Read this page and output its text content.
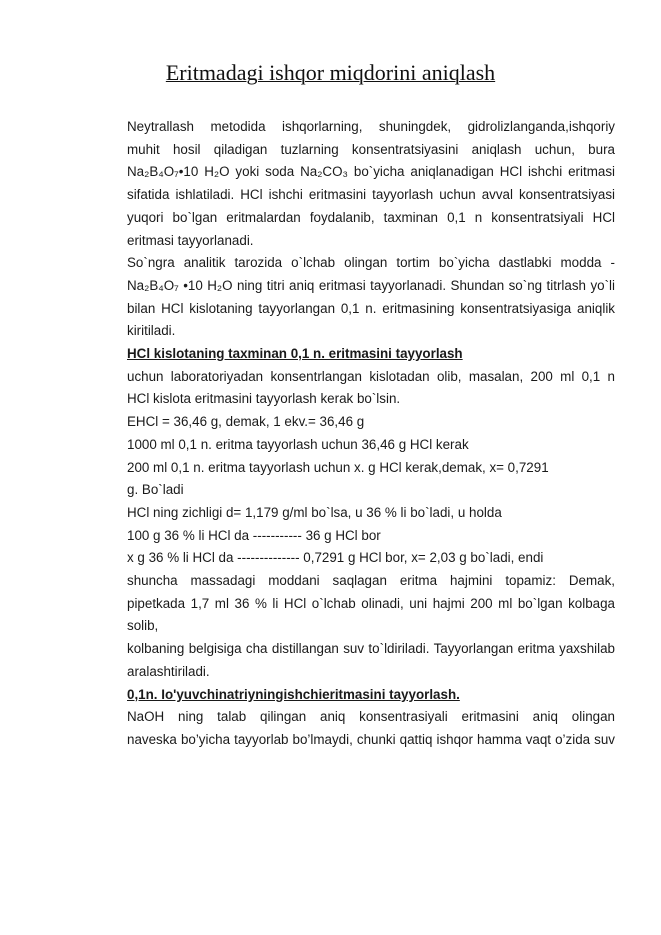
Eritmadagi ishqor miqdorini aniqlash
Neytrallash metodida ishqorlarning, shuningdek, gidrolizlanganda,ishqoriy
muhit hosil qiladigan tuzlarning konsentratsiyasini aniqlash uchun, bura
Na₂B₄O₇•10 H₂O yoki soda Na₂CO₃ bo`yicha aniqlanadigan HCl ishchi eritmasi
sifatida ishlatiladi. HCl ishchi eritmasini tayyorlash uchun avval konsentratsiyasi
yuqori bo`lgan eritmalardan foydalanib, taxminan 0,1 n konsentratsiyali HCl
eritmasi tayyorlanadi.
So`ngra analitik tarozida o`lchab olingan tortim bo`yicha dastlabki modda -
Na₂B₄O₇ •10 H₂O ning titri aniq eritmasi tayyorlanadi. Shundan so`ng titrlash yo`li
bilan HCl kislotaning tayyorlangan 0,1 n. eritmasining konsentratsiyasiga aniqlik
kiritiladi.
HCl kislotaning taxminan 0,1 n. eritmasini tayyorlash
uchun laboratoriyadan konsentrlangan kislotadan olib, masalan, 200 ml 0,1 n
HCl kislota eritmasini tayyorlash kerak bo`lsin.
EHCl = 36,46 g, demak, 1 ekv.= 36,46 g
1000 ml 0,1 n. eritma tayyorlash uchun 36,46 g HCl kerak
200 ml 0,1 n. eritma tayyorlash uchun x. g HCl kerak,demak, x= 0,7291
g. Bo`ladi
HCl ning zichligi d= 1,179 g/ml bo`lsa, u 36 % li bo`ladi, u holda
100 g 36 % li HCl da ----------- 36 g HCl bor
x g 36 % li HCl da -------------- 0,7291 g HCl bor, x= 2,03 g bo`ladi, endi
shuncha massadagi moddani saqlagan eritma hajmini topamiz: Demak,
pipetkada 1,7 ml 36 % li HCl o`lchab olinadi, uni hajmi 200 ml bo`lgan kolbaga solib,
kolbaning belgisiga cha distillangan suv to`ldiriladi. Tayyorlangan eritma yaxshilab
aralashtiriladi.
0,1n. Io'yuvchinatriyningishchieritmasini tayyorlash.
NaOH ning talab qilingan aniq konsentrasiyali eritmasini aniq olingan
naveska bo’yicha tayyorlab bo’lmaydi, chunki qattiq ishqor hamma vaqt o’zida suv
